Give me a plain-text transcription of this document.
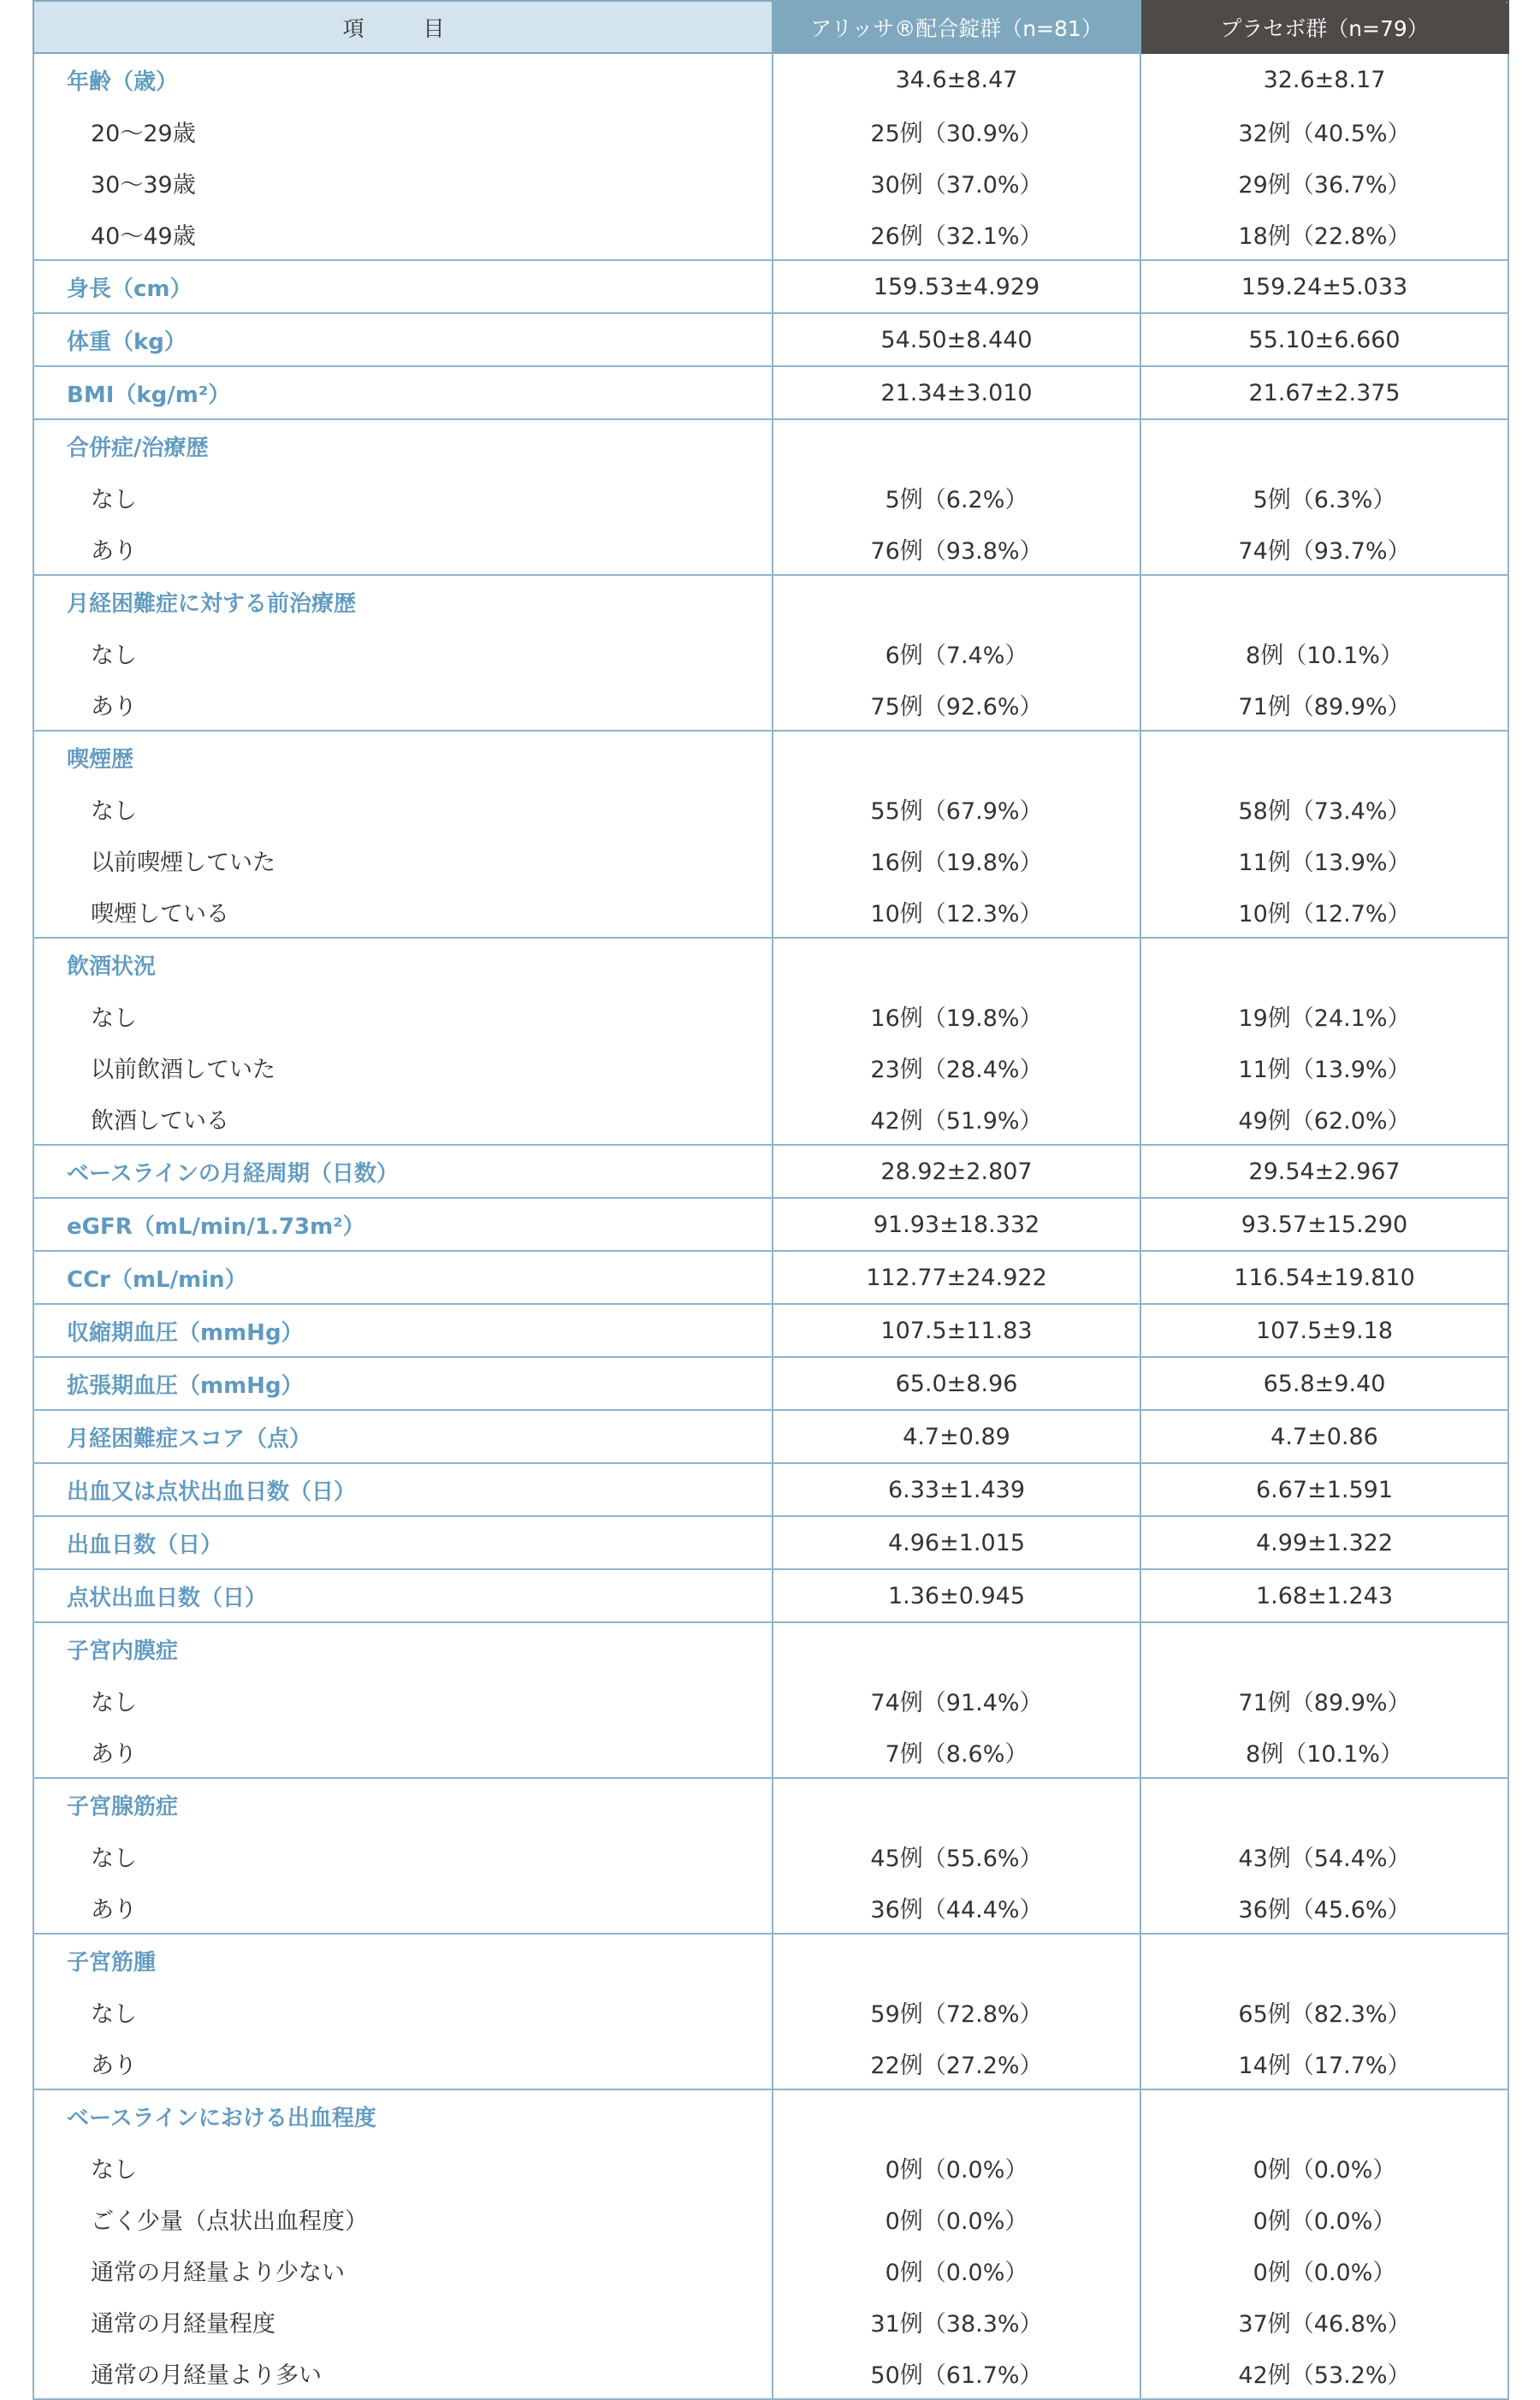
項　目	アリッサ®配合錠群（n=81）	プラセボ群（n=79）
年齢（歳）	34.6±8.47	32.6±8.17
20〜29歳	25例（30.9%）	32例（40.5%）
30〜39歳	30例（37.0%）	29例（36.7%）
40〜49歳	26例（32.1%）	18例（22.8%）
身長（cm）	159.53±4.929	159.24±5.033
体重（kg）	54.50±8.440	55.10±6.660
BMI（kg/m²）	21.34±3.010	21.67±2.375
合併症/治療歴		
なし	5例（6.2%）	5例（6.3%）
あり	76例（93.8%）	74例（93.7%）
月経困難症に対する前治療歴		
なし	6例（7.4%）	8例（10.1%）
あり	75例（92.6%）	71例（89.9%）
喫煙歴		
なし	55例（67.9%）	58例（73.4%）
以前喫煙していた	16例（19.8%）	11例（13.9%）
喫煙している	10例（12.3%）	10例（12.7%）
飲酒状況		
なし	16例（19.8%）	19例（24.1%）
以前飲酒していた	23例（28.4%）	11例（13.9%）
飲酒している	42例（51.9%）	49例（62.0%）
ベースラインの月経周期（日数）	28.92±2.807	29.54±2.967
eGFR（mL/min/1.73m²）	91.93±18.332	93.57±15.290
CCr（mL/min）	112.77±24.922	116.54±19.810
収縮期血圧（mmHg）	107.5±11.83	107.5±9.18
拡張期血圧（mmHg）	65.0±8.96	65.8±9.40
月経困難症スコア（点）	4.7±0.89	4.7±0.86
出血又は点状出血日数（日）	6.33±1.439	6.67±1.591
出血日数（日）	4.96±1.015	4.99±1.322
点状出血日数（日）	1.36±0.945	1.68±1.243
子宮内膜症		
なし	74例（91.4%）	71例（89.9%）
あり	7例（8.6%）	8例（10.1%）
子宮腺筋症		
なし	45例（55.6%）	43例（54.4%）
あり	36例（44.4%）	36例（45.6%）
子宮筋腫		
なし	59例（72.8%）	65例（82.3%）
あり	22例（27.2%）	14例（17.7%）
ベースラインにおける出血程度		
なし	0例（0.0%）	0例（0.0%）
ごく少量（点状出血程度）	0例（0.0%）	0例（0.0%）
通常の月経量より少ない	0例（0.0%）	0例（0.0%）
通常の月経量程度	31例（38.3%）	37例（46.8%）
通常の月経量より多い	50例（61.7%）	42例（53.2%）
